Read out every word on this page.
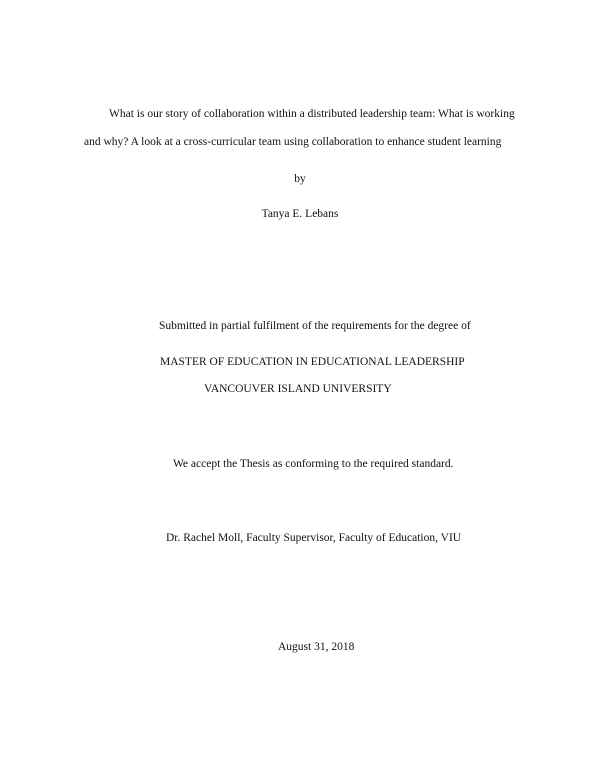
What is our story of collaboration within a distributed leadership team: What is working
and why? A look at a cross-curricular team using collaboration to enhance student learning
by
Tanya E. Lebans
Submitted in partial fulfilment of the requirements for the degree of
MASTER OF EDUCATION IN EDUCATIONAL LEADERSHIP
VANCOUVER ISLAND UNIVERSITY
We accept the Thesis as conforming to the required standard.
Dr. Rachel Moll, Faculty Supervisor, Faculty of Education, VIU
August 31, 2018
